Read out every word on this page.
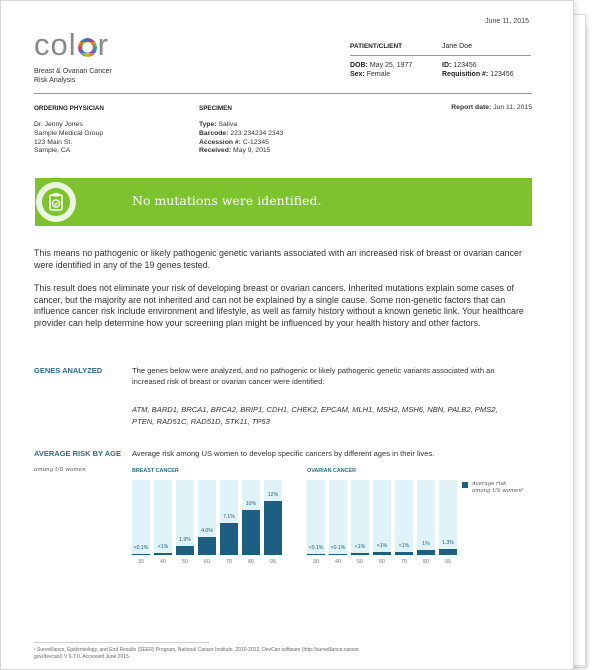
June 11, 2015
col r
Breast & Ovarian Cancer
Risk Analysis
PATIENT/CLIENT	Jane Doe
DOB: May 25, 1977
Sex: Female
ID: 123456
Requisition #: 123456
ORDERING PHYSICIAN
Dr. Jenny Jones
Sample Medical Group
123 Main St.
Sample, CA
SPECIMEN
Type: Saliva
Barcode: 223 234234 2343
Accession #: C-12345
Received: May 9, 2015
Report date: Jun 11, 2015
No mutations were identified.
This means no pathogenic or likely pathogenic genetic variants associated with an increased risk of breast or ovarian cancer were identified in any of the 19 genes tested.
This result does not eliminate your risk of developing breast or ovarian cancers. Inherited mutations explain some cases of cancer, but the majority are not inherited and can not be explained by a single cause. Some non-genetic factors that can influence cancer risk include environment and lifestyle, as well as family history without a known genetic link. Your healthcare provider can help determine how your screening plan might be influenced by your health history and other factors.
GENES ANALYZED	The genes below were analyzed, and no pathogenic or likely pathogenic genetic variants associated with an increased risk of breast or ovarian cancer were identified:
ATM, BARD1, BRCA1, BRCA2, BRIP1, CDH1, CHEK2, EPCAM, MLH1, MSH2, MSH6, NBN, PALB2, PMS2, PTEN, RAD51C, RAD51D, STK11, TP53
AVERAGE RISK BY AGE
among US women
Average risk among US women to develop specific cancers by different ages in their lives.
BREAST CANCER
<0.1%
30
<1%
40
1.9%
50
4.0%
60
7.1%
70
10%
80
12%
95
OVARIAN CANCER
<0.1%
30
<0.1%
40
<1%
50
<1%
60
<1%
70
1%
80
1.3%
95
Average risk
among US women¹
¹ Surveillance, Epidemiology, and End Results (SEER) Program, National Cancer Institute. 2010-2012. DevCan software (http://surveillance.cancer.
gov/devcan/) V 6.7.0. Accessed June 2015.
